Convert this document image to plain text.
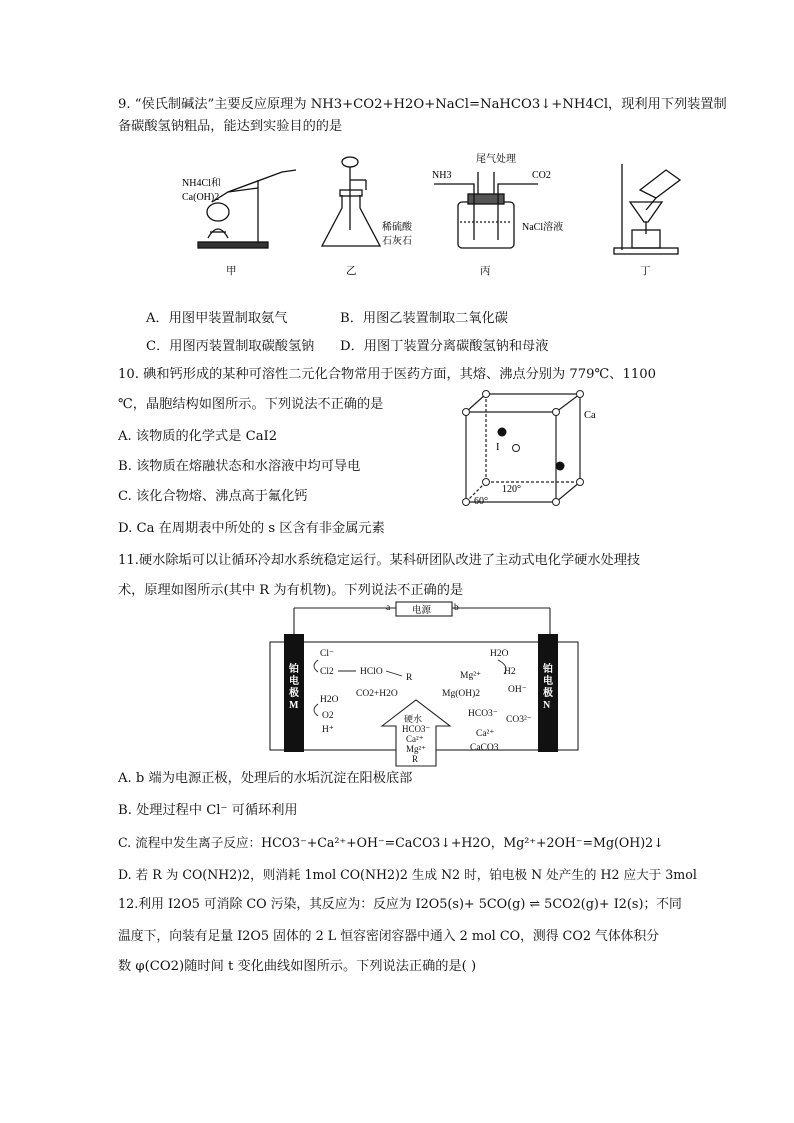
9. “侯氏制碱法”主要反应原理为 NH3+CO2+H2O+NaCl=NaHCO3↓+NH4Cl，现利用下列装置制
备碳酸氢钠粗品，能达到实验目的的是
NH4Cl和
Ca(OH)2
甲
稀硫酸
石灰石
乙
尾气处理
NH3	CO2
NaCl溶液
丙	丁
A．用图甲装置制取氨气	B．用图乙装置制取二氧化碳
C．用图丙装置制取碳酸氢钠 D．用图丁装置分离碳酸氢钠和母液
10. 碘和钙形成的某种可溶性二元化合物常用于医药方面，其熔、沸点分别为 779℃、1100
℃，晶胞结构如图所示。下列说法不正确的是
A. 该物质的化学式是 CaI2
B. 该物质在熔融状态和水溶液中均可导电
C. 该化合物熔、沸点高于氟化钙
D. Ca 在周期表中所处的 s 区含有非金属元素
Ca
I
120°
60°
11.硬水除垢可以让循环冷却水系统稳定运行。某科研团队改进了主动式电化学硬水处理技
术，原理如图所示(其中 R 为有机物)。下列说法不正确的是
a	b
电源
铂电极 M
铂电极 N
Cl⁻
Cl2	HClO
R
CO2+H2O
H2O
O2
H⁺
H2O
H2
Mg²⁺
Mg(OH)2	OH⁻
HCO3⁻
CO3²⁻
Ca²⁺
CaCO3
硬水
HCO3⁻
Ca²⁺
Mg²⁺
R
A. b 端为电源正极，处理后的水垢沉淀在阳极底部
B. 处理过程中 Cl⁻ 可循环利用
C. 流程中发生离子反应：HCO3⁻+Ca²⁺+OH⁻=CaCO3↓+H2O，Mg²⁺+2OH⁻=Mg(OH)2↓
D. 若 R 为 CO(NH2)2，则消耗 1mol CO(NH2)2 生成 N2 时，铂电极 N 处产生的 H2 应大于 3mol
12.利用 I2O5 可消除 CO 污染，其反应为：反应为 I2O5(s)+ 5CO(g) ⇌ 5CO2(g)+ I2(s)；不同
温度下，向装有足量 I2O5 固体的 2 L 恒容密闭容器中通入 2 mol CO，测得 CO2 气体体积分
数 φ(CO2)随时间 t 变化曲线如图所示。下列说法正确的是( )
